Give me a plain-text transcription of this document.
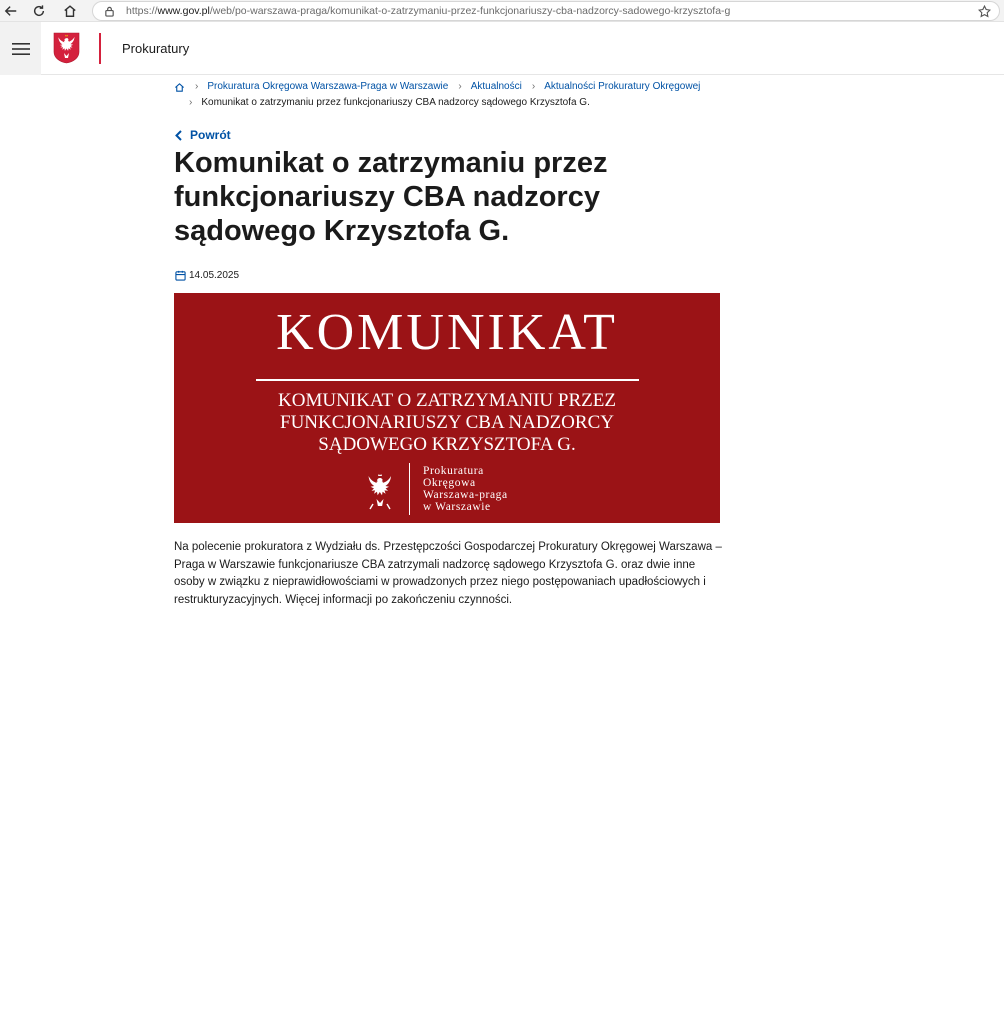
https://www.gov.pl/web/po-warszawa-praga/komunikat-o-zatrzymaniu-przez-funkcjonariuszy-cba-nadzorcy-sadowego-krzysztofa-g
Prokuratury
› Prokuratura Okręgowa Warszawa-Praga w Warszawie › Aktualności › Aktualności Prokuratury Okręgowej
› Komunikat o zatrzymaniu przez funkcjonariuszy CBA nadzorcy sądowego Krzysztofa G.
Powrót
Komunikat o zatrzymaniu przez funkcjonariuszy CBA nadzorcy sądowego Krzysztofa G.
14.05.2025
KOMUNIKAT
KOMUNIKAT O ZATRZYMANIU PRZEZ
FUNKCJONARIUSZY CBA NADZORCY
SĄDOWEGO KRZYSZTOFA G.
Prokuratura
Okręgowa
Warszawa-praga
w Warszawie

Na polecenie prokuratora z Wydziału ds. Przestępczości Gospodarczej Prokuratury Okręgowej Warszawa – Praga w Warszawie funkcjonariusze CBA zatrzymali nadzorcę sądowego Krzysztofa G. oraz dwie inne osoby w związku z nieprawidłowościami w prowadzonych przez niego postępowaniach upadłościowych i restrukturyzacyjnych. Więcej informacji po zakończeniu czynności.
